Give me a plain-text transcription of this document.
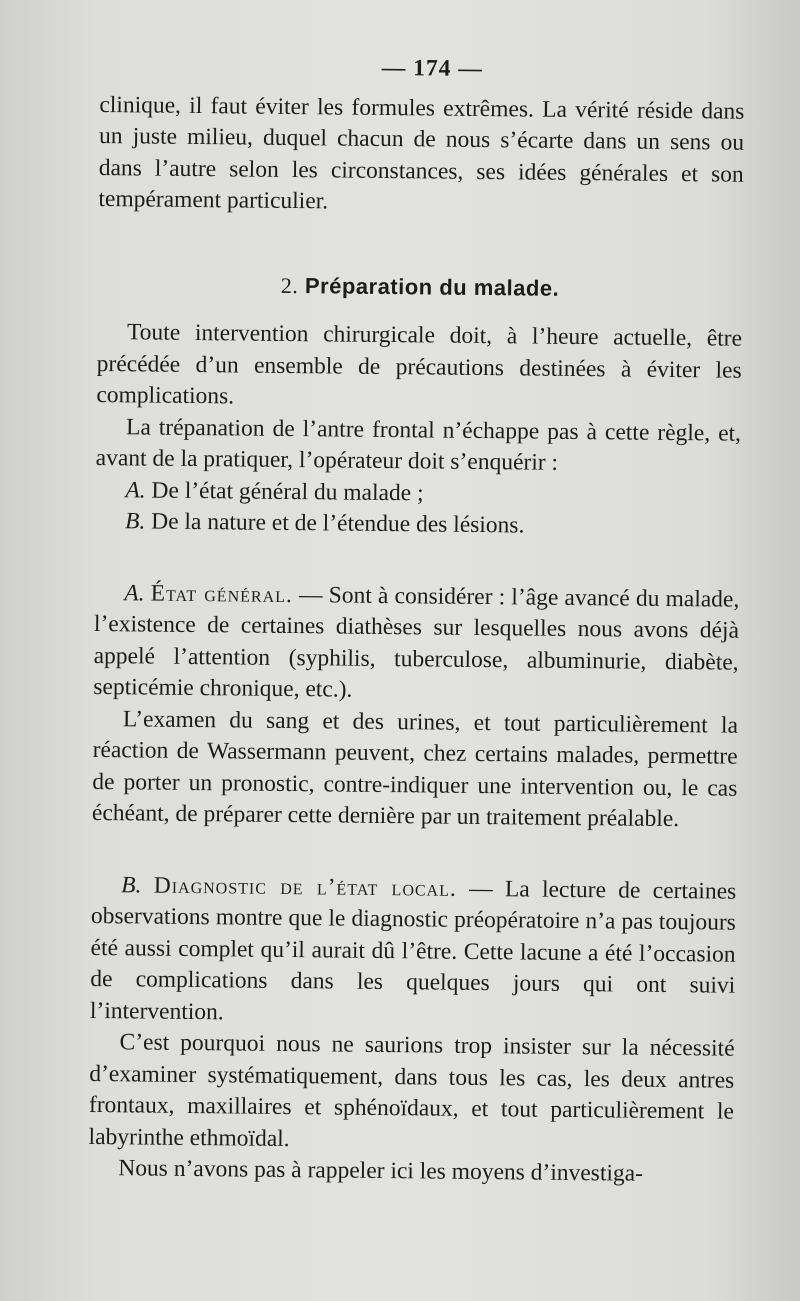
— 174 —

clinique, il faut éviter les formules extrêmes. La vérité réside dans un juste milieu, duquel chacun de nous s’écarte dans un sens ou dans l’autre selon les circonstances, ses idées générales et son tempérament particulier.

2. Préparation du malade.

Toute intervention chirurgicale doit, à l’heure actuelle, être précédée d’un ensemble de précautions destinées à éviter les complications.

La trépanation de l’antre frontal n’échappe pas à cette règle, et, avant de la pratiquer, l’opérateur doit s’enquérir :

A. De l’état général du malade ;

B. De la nature et de l’étendue des lésions.

A. État général. — Sont à considérer : l’âge avancé du malade, l’existence de certaines diathèses sur lesquelles nous avons déjà appelé l’attention (syphilis, tuberculose, albuminurie, diabète, septicémie chronique, etc.).

L’examen du sang et des urines, et tout particulièrement la réaction de Wassermann peuvent, chez certains malades, permettre de porter un pronostic, contre-indiquer une intervention ou, le cas échéant, de préparer cette dernière par un traitement préalable.

B. Diagnostic de l’état local. — La lecture de certaines observations montre que le diagnostic préopératoire n’a pas toujours été aussi complet qu’il aurait dû l’être. Cette lacune a été l’occasion de complications dans les quelques jours qui ont suivi l’intervention.

C’est pourquoi nous ne saurions trop insister sur la nécessité d’examiner systématiquement, dans tous les cas, les deux antres frontaux, maxillaires et sphénoïdaux, et tout particulièrement le labyrinthe ethmoïdal.

Nous n’avons pas à rappeler ici les moyens d’investiga-
